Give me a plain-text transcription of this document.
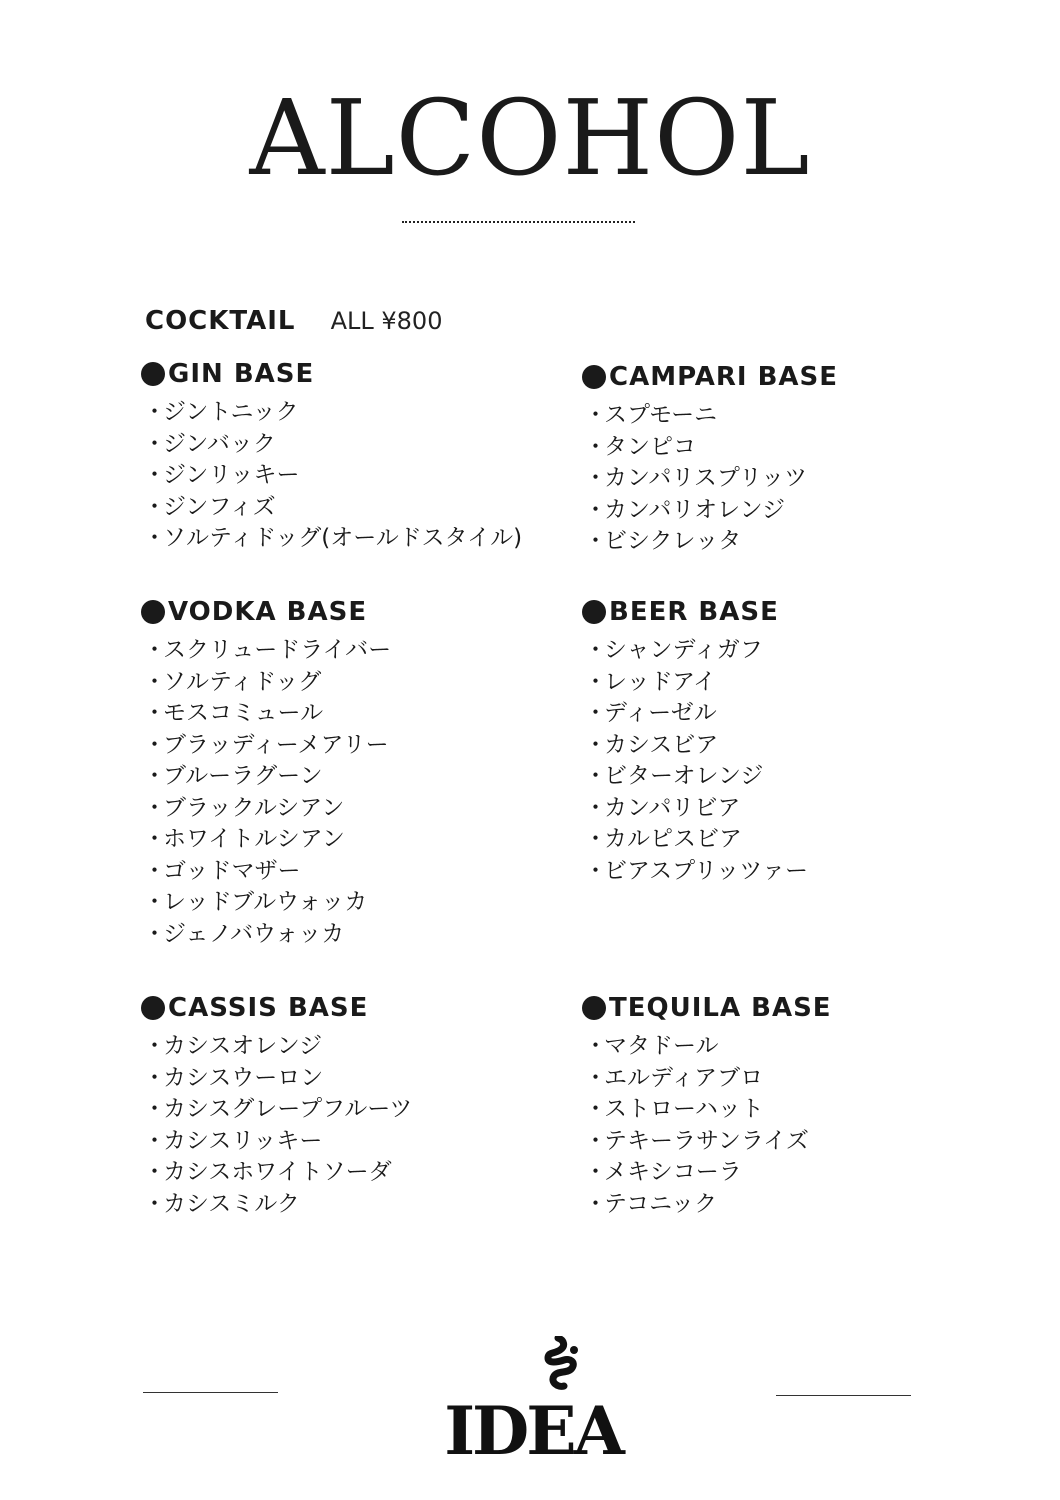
ALCOHOL
COCKTAIL ALL ¥800
GIN BASE
・
ジントニック
・
ジンバック
・
ジンリッキー
・
ジンフィズ
・
ソルティドッグ(オールドスタイル)
CAMPARI BASE
・
スプモーニ
・
タンピコ
・
カンパリスプリッツ
・
カンパリオレンジ
・
ビシクレッタ
VODKA BASE
・
スクリュードライバー
・
ソルティドッグ
・
モスコミュール
・
ブラッディーメアリー
・
ブルーラグーン
・
ブラックルシアン
・
ホワイトルシアン
・
ゴッドマザー
・
レッドブルウォッカ
・
ジェノバウォッカ
BEER BASE
・
シャンディガフ
・
レッドアイ
・
ディーゼル
・
カシスビア
・
ビターオレンジ
・
カンパリビア
・
カルピスビア
・
ビアスプリッツァー
CASSIS BASE
・
カシスオレンジ
・
カシスウーロン
・
カシスグレープフルーツ
・
カシスリッキー
・
カシスホワイトソーダ
・
カシスミルク
TEQUILA BASE
・
マタドール
・
エルディアブロ
・
ストローハット
・
テキーラサンライズ
・
メキシコーラ
・
テコニック
IDEA
